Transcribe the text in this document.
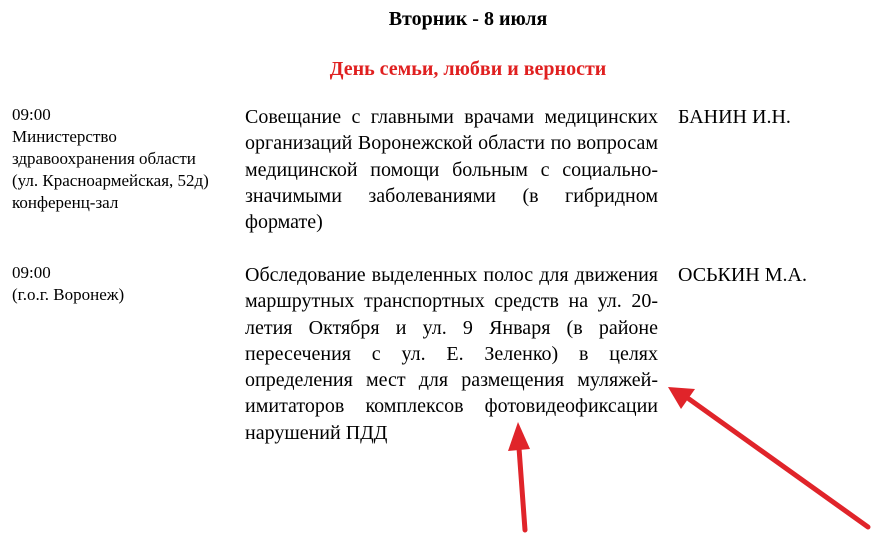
Вторник - 8 июля
День семьи, любви и верности
09:00
Министерство
здравоохранения области
(ул. Красноармейская, 52д)
конференц-зал
Совещание с главными врачами медицинских организаций Воронежской области по вопросам медицинской помощи больным с социально-значимыми заболеваниями (в гибридном формате)
БАНИН И.Н.
09:00
(г.о.г. Воронеж)
Обследование выделенных полос для движения маршрутных транспортных средств на ул. 20-летия Октября и ул. 9 Января (в районе пересечения с ул. Е. Зеленко) в целях определения мест для размещения муляжей-имитаторов комплексов фотовидеофиксации нарушений ПДД
ОСЬКИН М.А.
